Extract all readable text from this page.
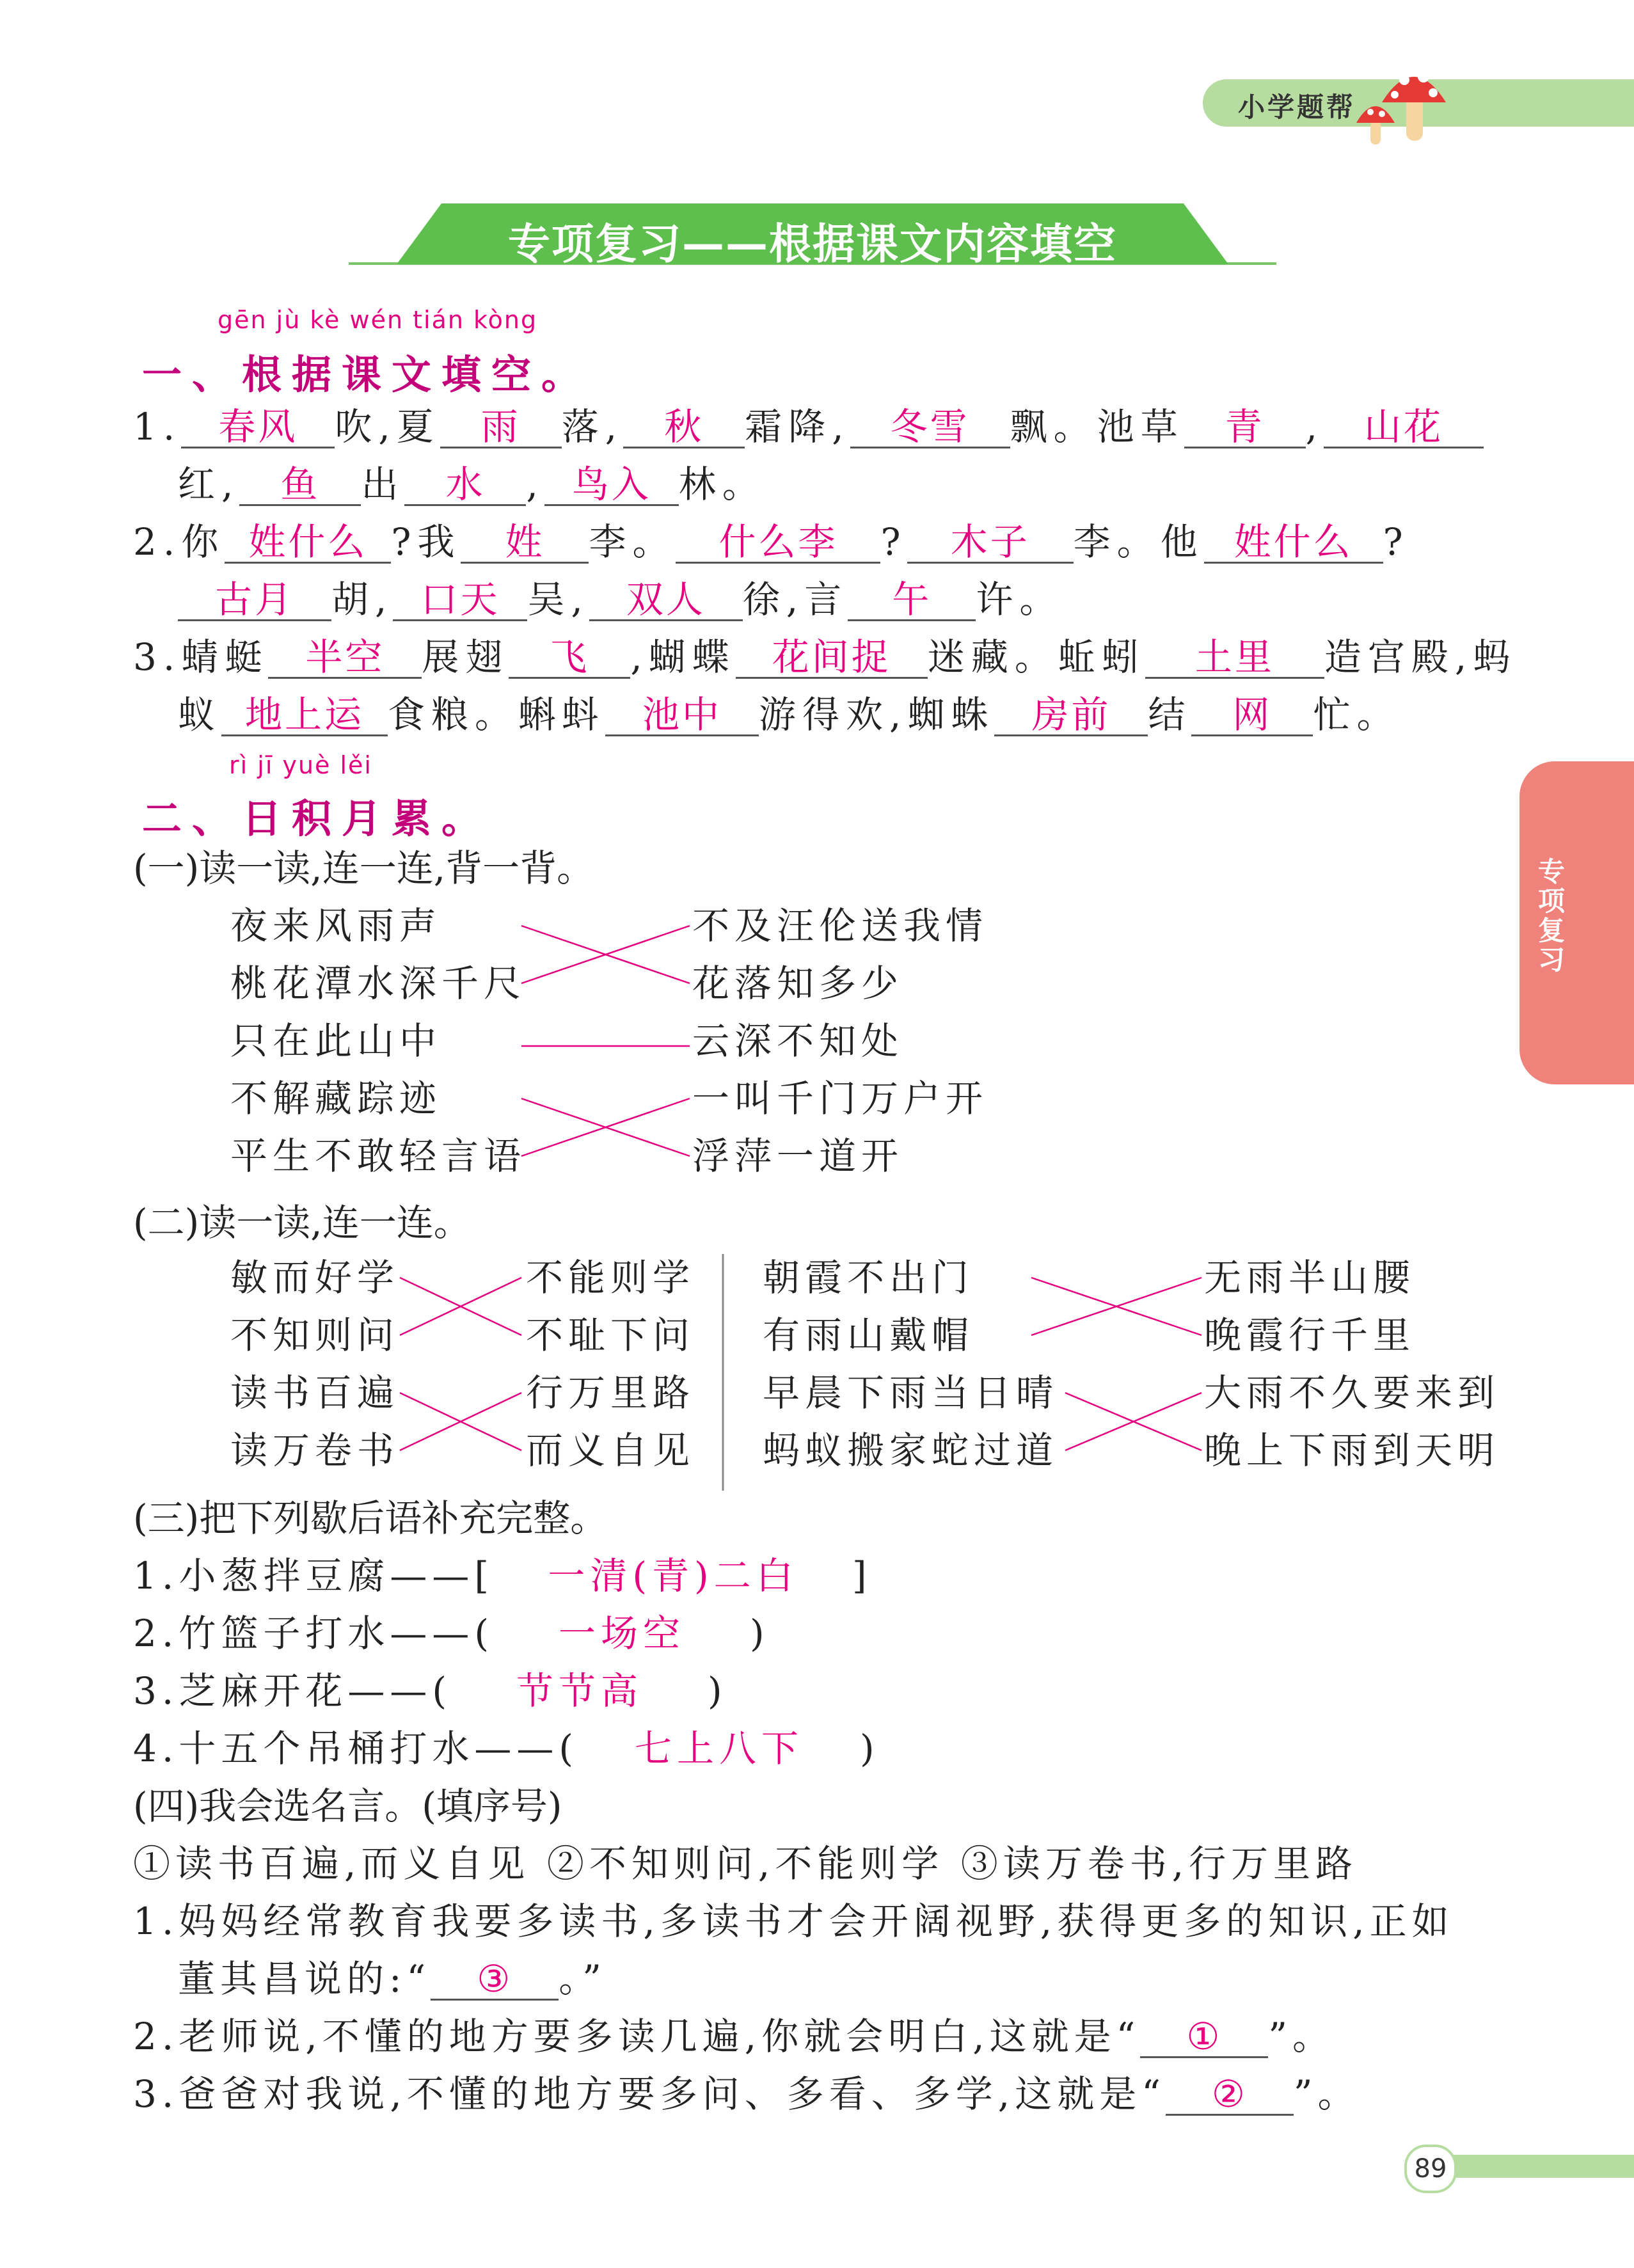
小学题帮
专项复习——根据课文内容填空
专项复习
gēn jù kè wén tián kòng
一、根据课文填空。
1. 春风 吹,夏 雨 落, 秋 霜降, 冬雪 飘。池草 青 , 山花
红, 鱼 出 水 , 鸟入 林。
2.你 姓什么 ?我 姓 李。 什么李 ? 木子 李。他 姓什么 ?
古月 胡, 口天 吴, 双人 徐,言 午 许。
3.蜻蜓 半空 展翅 飞 ,蝴蝶 花间捉 迷藏。蚯蚓 土里 造宫殿,蚂
蚁 地上运 食粮。蝌蚪 池中 游得欢,蜘蛛 房前 结 网 忙。
rì jī yuè lěi
二、日积月累。
(一)读一读,连一连,背一背。
夜来风雨声
桃花潭水深千尺
只在此山中
不解藏踪迹
平生不敢轻言语
不及汪伦送我情
花落知多少
云深不知处
一叫千门万户开
浮萍一道开
(二)读一读,连一连。
敏而好学
不知则问
读书百遍
读万卷书
不能则学
不耻下问
行万里路
而义自见
朝霞不出门
有雨山戴帽
早晨下雨当日晴
蚂蚁搬家蛇过道
无雨半山腰
晚霞行千里
大雨不久要来到
晚上下雨到天明
(三)把下列歇后语补充完整。
1.小葱拌豆腐——[ 一清(青)二白 ]
2.竹篮子打水——( 一场空 )
3.芝麻开花——( 节节高 )
4.十五个吊桶打水——( 七上八下 )
(四)我会选名言。(填序号)
①读书百遍,而义自见 ②不知则问,不能则学 ③读万卷书,行万里路
1.妈妈经常教育我要多读书,多读书才会开阔视野,获得更多的知识,正如
董其昌说的:“ ③ 。”
2.老师说,不懂的地方要多读几遍,你就会明白,这就是“ ① ”。
3.爸爸对我说,不懂的地方要多问、多看、多学,这就是“ ② ”。
89
